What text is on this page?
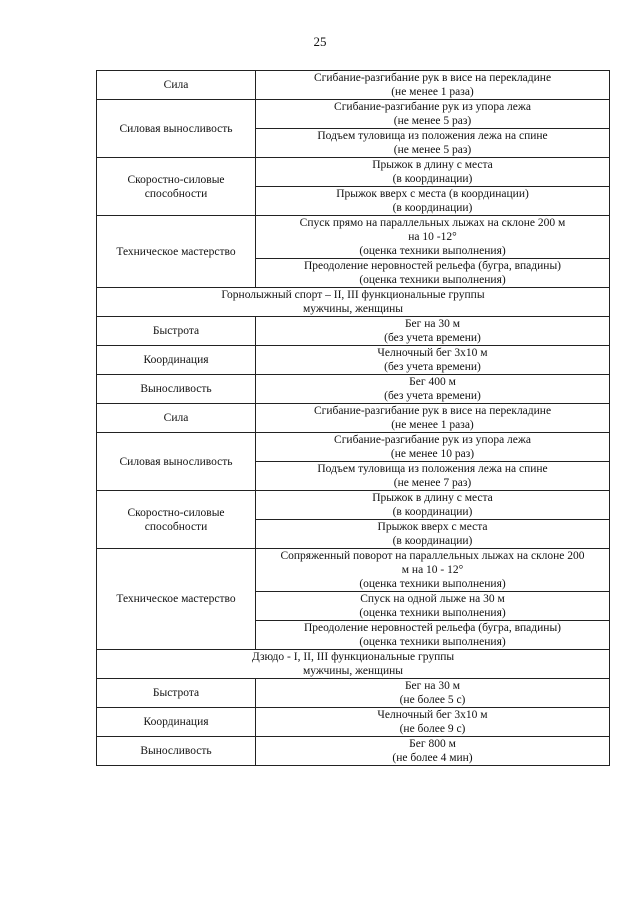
25
Сила	Сгибание-разгибание рук в висе на перекладине
(не менее 1 раза)

Силовая выносливость	Сгибание-разгибание рук из упора лежа
(не менее 5 раз)

	Подъем туловища из положения лежа на спине
(не менее 5 раз)

Скоростно-силовые
способности	Прыжок в длину с места
(в координации)

	Прыжок вверх с места (в координации)
(в координации)

Техническое мастерство	Спуск прямо на параллельных лыжах на склоне 200 м
на 10 -12°
(оценка техники выполнения)

	Преодоление неровностей рельефа (бугра, впадины)
(оценка техники выполнения)

Горнолыжный спорт – II, III функциональные группы
мужчины, женщины	

Быстрота	Бег на 30 м
(без учета времени)

Координация	Челночный бег 3х10 м
(без учета времени)

Выносливость	Бег 400 м
(без учета времени)

Сила	Сгибание-разгибание рук в висе на перекладине
(не менее 1 раза)

Силовая выносливость	Сгибание-разгибание рук из упора лежа
(не менее 10 раз)

	Подъем туловища из положения лежа на спине
(не менее 7 раз)

Скоростно-силовые
способности	Прыжок в длину с места
(в координации)

	Прыжок вверх с места
(в координации)

Техническое мастерство	Сопряженный поворот на параллельных лыжах на склоне 200
м на 10 - 12°
(оценка техники выполнения)

	Спуск на одной лыже на 30 м
(оценка техники выполнения)

	Преодоление неровностей рельефа (бугра, впадины)
(оценка техники выполнения)

Дзюдо - I, II, III функциональные группы
мужчины, женщины	

Быстрота	Бег на 30 м
(не более 5 с)

Координация	Челночный бег 3х10 м
(не более 9 с)

Выносливость	Бег 800 м
(не более 4 мин)
